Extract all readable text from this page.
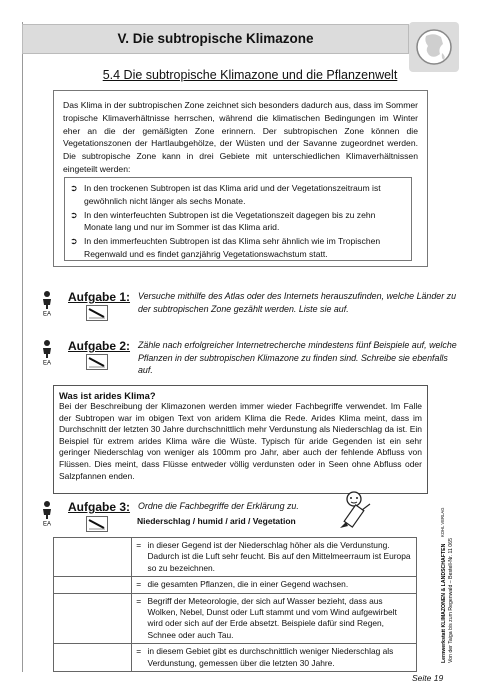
V. Die subtropische Klimazone
5.4 Die subtropische Klimazone und die Pflanzenwelt
Das Klima in der subtropischen Zone zeichnet sich besonders dadurch aus, dass im Sommer tropische Klimaverhältnisse herrschen, während die klimatischen Bedingungen im Winter eher an die der gemäßigten Zone erinnern. Der subtropischen Zone können die Vegetationszonen der Hartlaubgehölze, der Wüsten und der Savanne zugeordnet werden. Die subtropische Zone kann in drei Gebiete mit unterschiedlichen Klimaverhältnissen eingeteilt werden:
➲ In den trockenen Subtropen ist das Klima arid und der Vegetationszeitraum ist gewöhnlich nicht länger als sechs Monate.
➲ In den winterfeuchten Subtropen ist die Vegetationszeit dagegen bis zu zehn Monate lang und nur im Sommer ist das Klima arid.
➲ In den immerfeuchten Subtropen ist das Klima sehr ähnlich wie im Tropischen Regenwald und es findet ganzjährig Vegetationswachstum statt.
EA
Aufgabe 1: Versuche mithilfe des Atlas oder des Internets herauszufinden, welche Länder zu der subtropischen Zone gezählt werden. Liste sie auf.
EA
Aufgabe 2: Zähle nach erfolgreicher Internetrecherche mindestens fünf Beispiele auf, welche Pflanzen in der subtropischen Klimazone zu finden sind. Schreibe sie ebenfalls auf.
Was ist arides Klima?
Bei der Beschreibung der Klimazonen werden immer wieder Fachbegriffe verwendet. Im Falle der Subtropen war im obigen Text von aridem Klima die Rede. Arides Klima meint, dass im Durchschnitt der letzten 30 Jahre durchschnittlich mehr Verdunstung als Niederschlag da ist. Ein Beispiel für extrem arides Klima wäre die Wüste. Typisch für aride Gegenden ist ein sehr geringer Niederschlag von weniger als 100mm pro Jahr, aber auch der fehlende Abfluss von Flüssen. Dies meint, dass Flüsse entweder völlig verdunsten oder in Seen ohne Abfluss oder Salzpfannen enden.
EA
Aufgabe 3: Ordne die Fachbegriffe der Erklärung zu.
Niederschlag / humid / arid / Vegetation
	=	in dieser Gegend ist der Niederschlag höher als die Verdunstung. Dadurch ist die Luft sehr feucht. Bis auf den Mittelmeerraum ist Europa so zu bezeichnen.
	=	die gesamten Pflanzen, die in einer Gegend wachsen.
	=	Begriff der Meteorologie, der sich auf Wasser bezieht, dass aus Wolken, Nebel, Dunst oder Luft stammt und vom Wind aufgewirbelt wird oder sich auf der Erde absetzt. Beispiele dafür sind Regen, Schnee oder auch Tau.
	=	in diesem Gebiet gibt es durchschnittlich weniger Niederschlag als Verdunstung, gemessen über die letzten 30 Jahre.	Lernwerkstatt KLIMAZONEN & LANDSCHAFTEN Von der Taiga bis zum Regenwald – Bestell-Nr. 11 065
KOHL VERLAG
Seite 19
